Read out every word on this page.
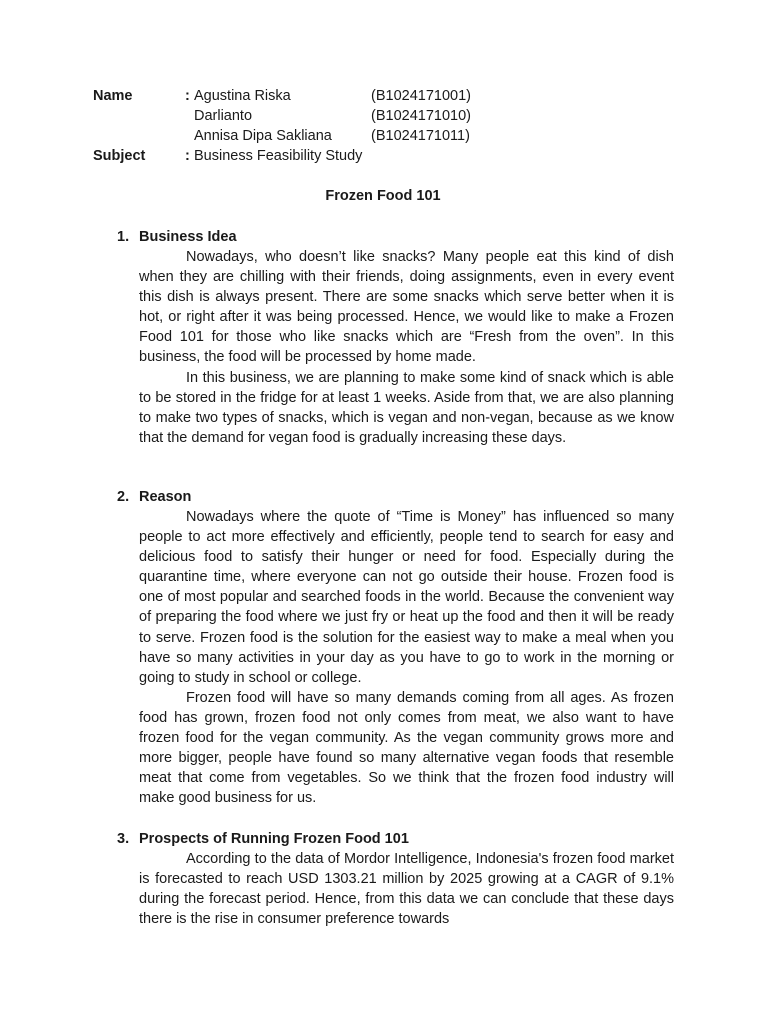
Name	: Agustina Riska	(B1024171001)
Darlianto	(B1024171010)
Annisa Dipa Sakliana	(B1024171011)
Subject	: Business Feasibility Study
Frozen Food 101
1. Business Idea

Nowadays, who doesn’t like snacks? Many people eat this kind of dish when they are chilling with their friends, doing assignments, even in every event this dish is always present. There are some snacks which serve better when it is hot, or right after it was being processed. Hence, we would like to make a Frozen Food 101 for those who like snacks which are “Fresh from the oven”. In this business, the food will be processed by home made.

In this business, we are planning to make some kind of snack which is able to be stored in the fridge for at least 1 weeks. Aside from that, we are also planning to make two types of snacks, which is vegan and non-vegan, because as we know that the demand for vegan food is gradually increasing these days.

2. Reason

Nowadays where the quote of “Time is Money” has influenced so many people to act more effectively and efficiently, people tend to search for easy and delicious food to satisfy their hunger or need for food. Especially during the quarantine time, where everyone can not go outside their house. Frozen food is one of most popular and searched foods in the world. Because the convenient way of preparing the food where we just fry or heat up the food and then it will be ready to serve. Frozen food is the solution for the easiest way to make a meal when you have so many activities in your day as you have to go to work in the morning or going to study in school or college.

Frozen food will have so many demands coming from all ages. As frozen food has grown, frozen food not only comes from meat, we also want to have frozen food for the vegan community. As the vegan community grows more and more bigger, people have found so many alternative vegan foods that resemble meat that come from vegetables. So we think that the frozen food industry will make good business for us.

3. Prospects of Running Frozen Food 101

According to the data of Mordor Intelligence, Indonesia's frozen food market is forecasted to reach USD 1303.21 million by 2025 growing at a CAGR of 9.1% during the forecast period. Hence, from this data we can conclude that these days there is the rise in consumer preference towards
